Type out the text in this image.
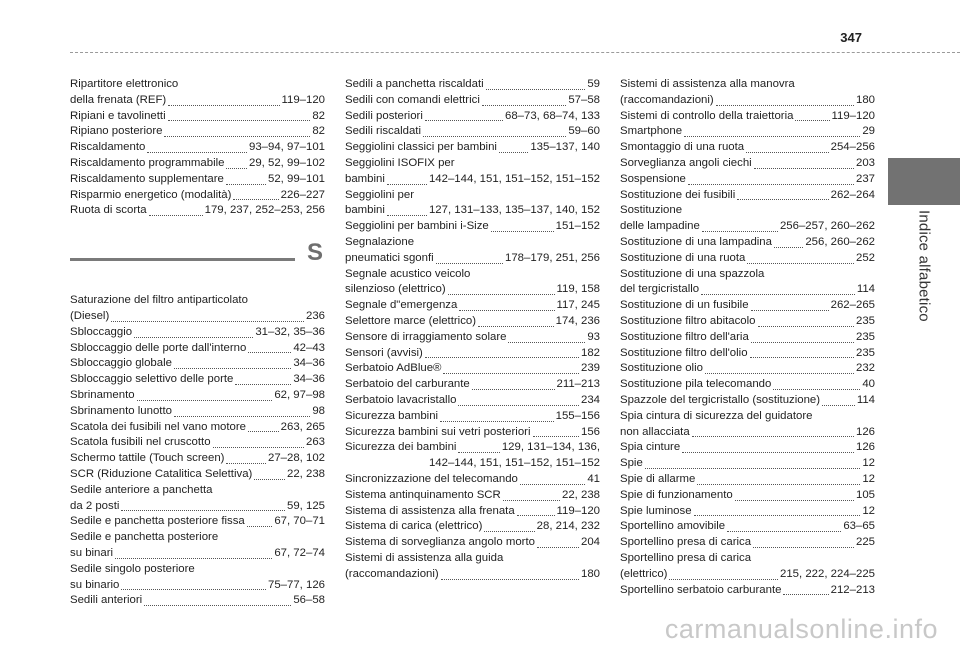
347
Indice alfabetico
Ripartitore elettronico
della frenata (REF)	119–120
Ripiani e tavolinetti	82
Ripiano posteriore	82
Riscaldamento	93–94, 97–101
Riscaldamento programmabile 29, 52, 99–102
Riscaldamento supplementare	52, 99–101
Risparmio energetico (modalità)	226–227
Ruota di scorta	179, 237, 252–253, 256
S
Saturazione del filtro antiparticolato
(Diesel)	236
Sbloccaggio	31–32, 35–36
Sbloccaggio delle porte dall'interno	42–43
Sbloccaggio globale	34–36
Sbloccaggio selettivo delle porte	34–36
Sbrinamento	62, 97–98
Sbrinamento lunotto	98
Scatola dei fusibili nel vano motore	263, 265
Scatola fusibili nel cruscotto	263
Schermo tattile (Touch screen)	27–28, 102
SCR (Riduzione Catalitica Selettiva)	22, 238
Sedile anteriore a panchetta
da 2 posti	59, 125
Sedile e panchetta posteriore fissa	67, 70–71
Sedile e panchetta posteriore
su binari	67, 72–74
Sedile singolo posteriore
su binario	75–77, 126
Sedili anteriori	56–58
Sedili a panchetta riscaldati	59
Sedili con comandi elettrici	57–58
Sedili posteriori	68–73, 68–74, 133
Sedili riscaldati	59–60
Seggiolini classici per bambini	135–137, 140
Seggiolini ISOFIX per
bambini	142–144, 151, 151–152, 151–152
Seggiolini per
bambini	127, 131–133, 135–137, 140, 152
Seggiolini per bambini i-Size	151–152
Segnalazione
pneumatici sgonfi	178–179, 251, 256
Segnale acustico veicolo
silenzioso (elettrico)	119, 158
Segnale d"emergenza	117, 245
Selettore marce (elettrico)	174, 236
Sensore di irraggiamento solare	93
Sensori (avvisi)	182
Serbatoio AdBlue®	239
Serbatoio del carburante	211–213
Serbatoio lavacristallo	234
Sicurezza bambini	155–156
Sicurezza bambini sui vetri posteriori	156
Sicurezza dei bambini	129, 131–134, 136,
142–144, 151, 151–152, 151–152
Sincronizzazione del telecomando	41
Sistema antinquinamento SCR	22, 238
Sistema di assistenza alla frenata	119–120
Sistema di carica (elettrico)	28, 214, 232
Sistema di sorveglianza angolo morto	204
Sistemi di assistenza alla guida
(raccomandazioni)	180
Sistemi di assistenza alla manovra
(raccomandazioni)	180
Sistemi di controllo della traiettoria	119–120
Smartphone	29
Smontaggio di una ruota	254–256
Sorveglianza angoli ciechi	203
Sospensione	237
Sostituzione dei fusibili	262–264
Sostituzione
delle lampadine	256–257, 260–262
Sostituzione di una lampadina	256, 260–262
Sostituzione di una ruota	252
Sostituzione di una spazzola
del tergicristallo	114
Sostituzione di un fusibile	262–265
Sostituzione filtro abitacolo	235
Sostituzione filtro dell'aria	235
Sostituzione filtro dell'olio	235
Sostituzione olio	232
Sostituzione pila telecomando	40
Spazzole del tergicristallo (sostituzione)	114
Spia cintura di sicurezza del guidatore
non allacciata	126
Spia cinture	126
Spie	12
Spie di allarme	12
Spie di funzionamento	105
Spie luminose	12
Sportellino amovibile	63–65
Sportellino presa di carica	225
Sportellino presa di carica
(elettrico)	215, 222, 224–225
Sportellino serbatoio carburante	212–213
carmanualsonline.info
